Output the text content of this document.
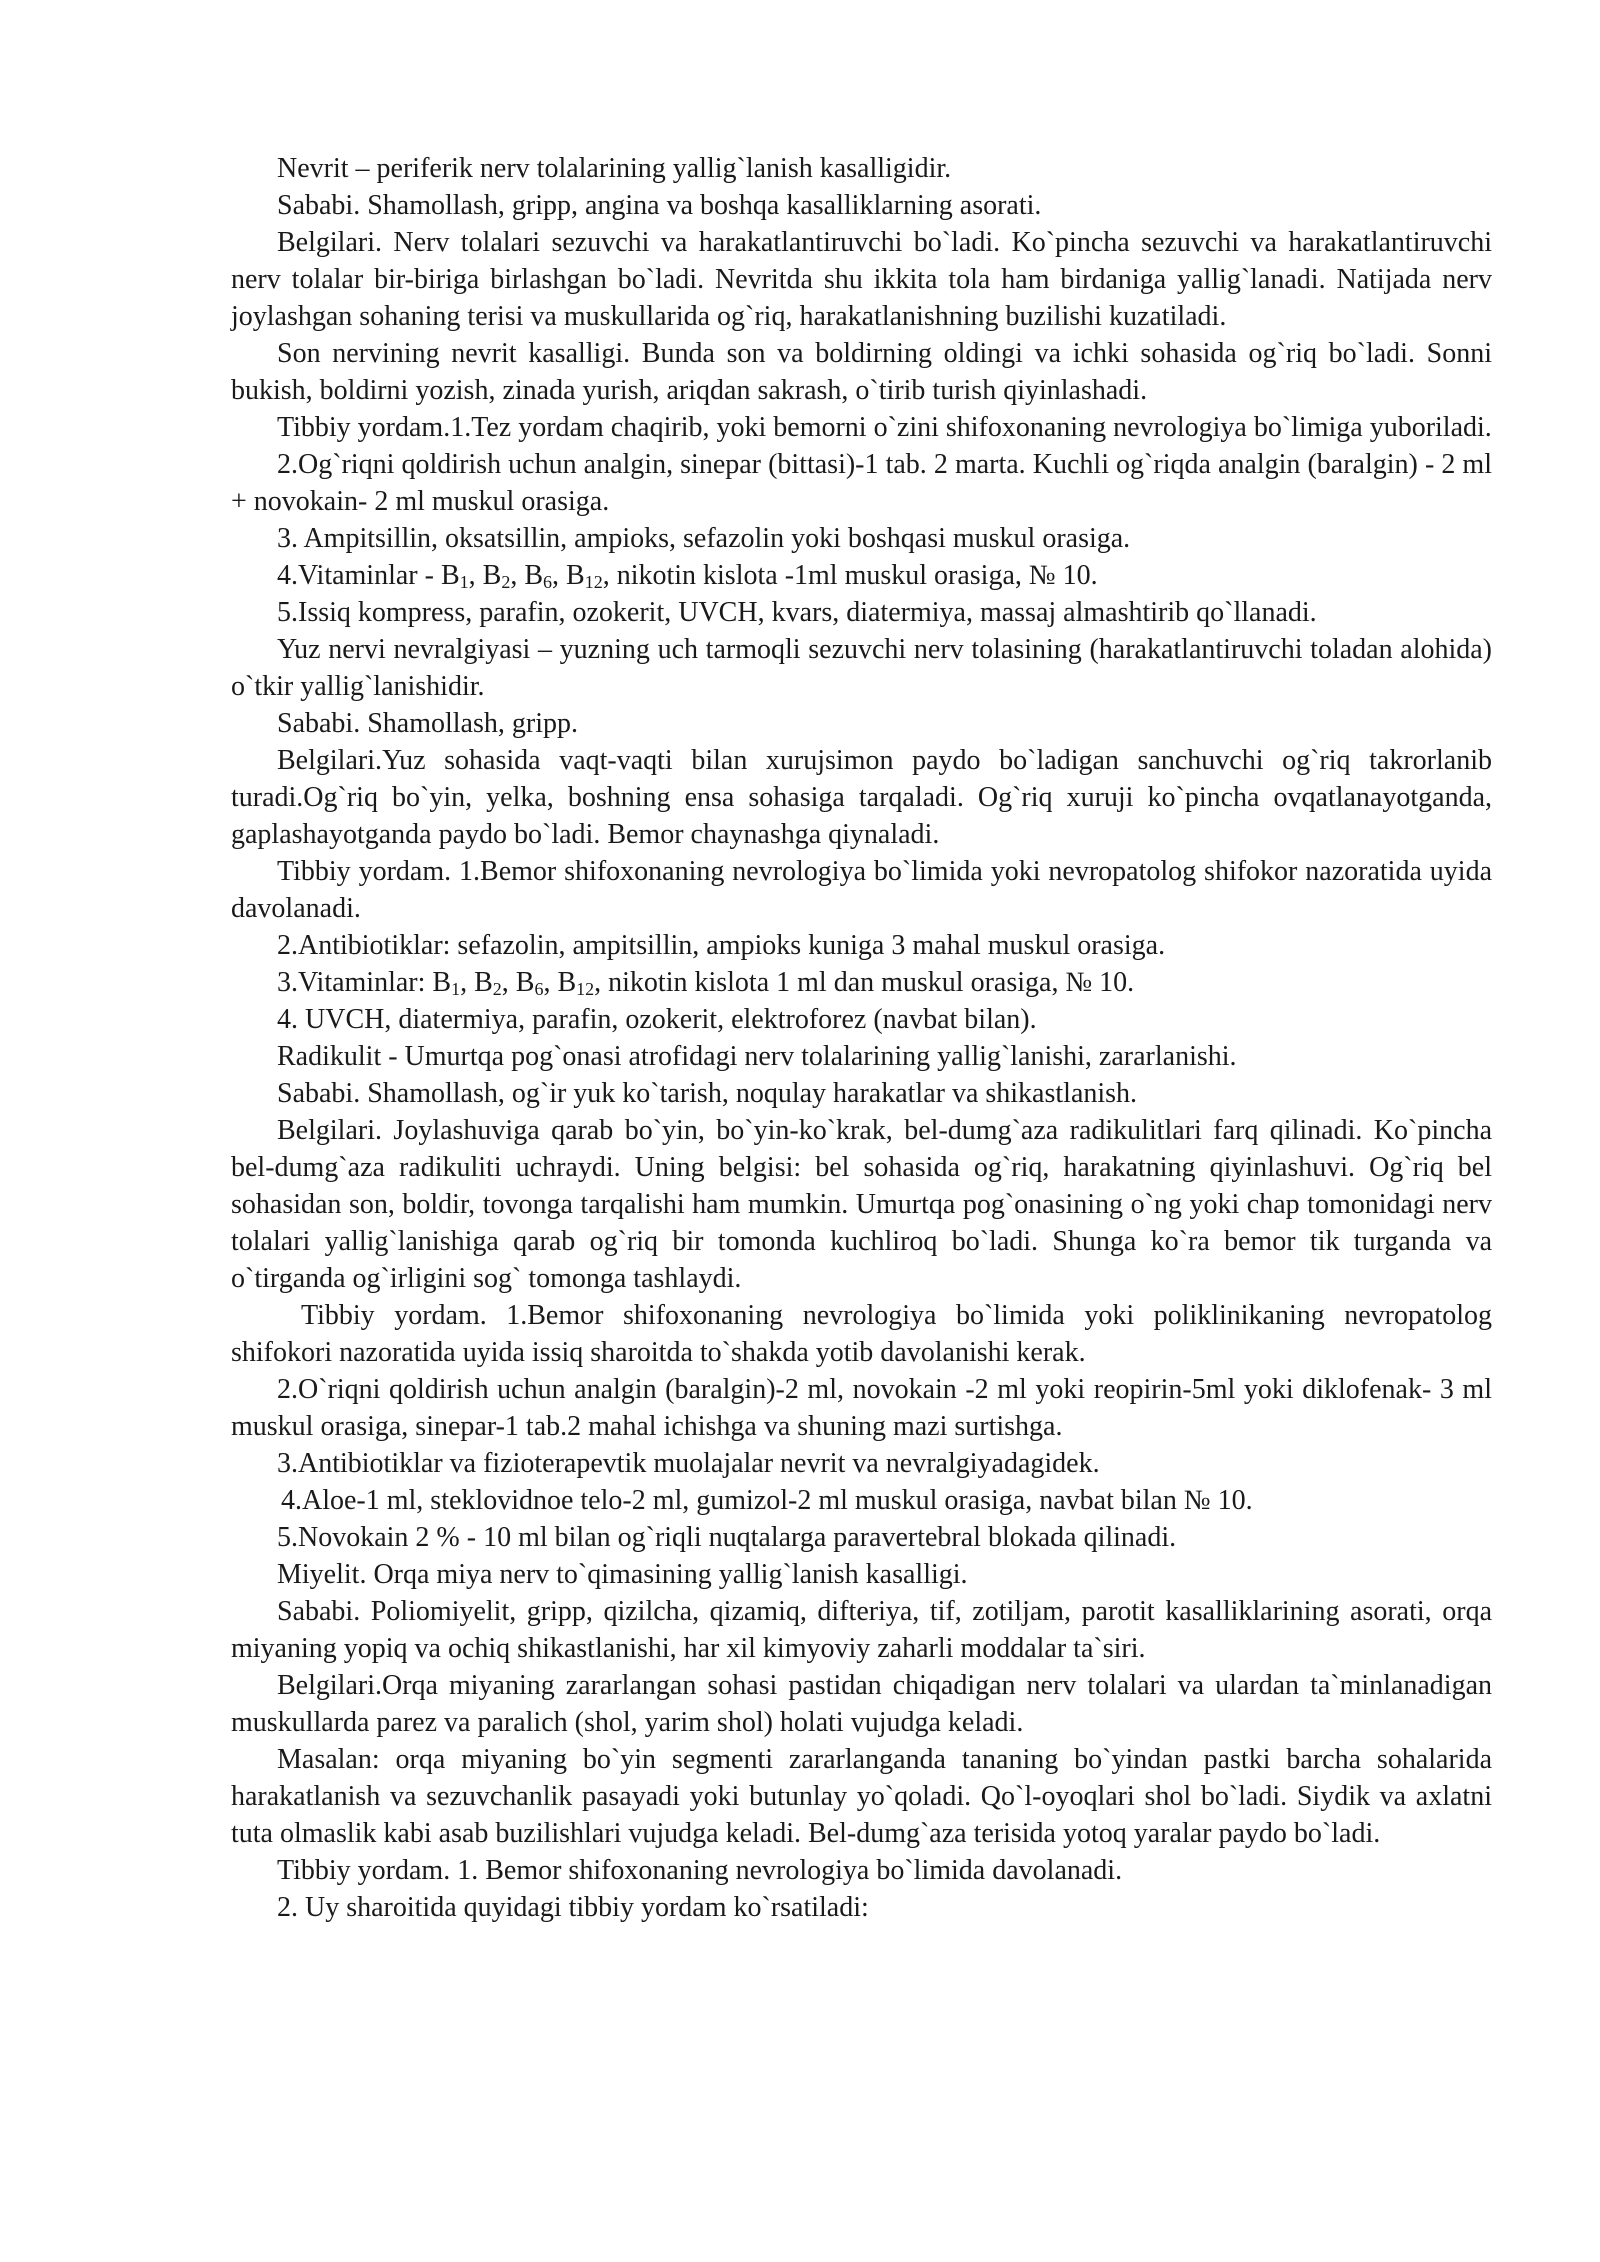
Nevrit – periferik nerv tolalarining yallig`lanish kasalligidir.

Sababi. Shamollash, gripp, angina va boshqa kasalliklarning asorati.

Belgilari. Nerv tolalari sezuvchi va harakatlantiruvchi bo`ladi. Ko`pincha sezuvchi va harakatlantiruvchi nerv tolalar bir-biriga birlashgan bo`ladi. Nevritda shu ikkita tola ham birdaniga yallig`lanadi. Natijada nerv joylashgan sohaning terisi va muskullarida og`riq, harakatlanishning buzilishi kuzatiladi.

Son nervining nevrit kasalligi. Bunda son va boldirning oldingi va ichki sohasida og`riq bo`ladi. Sonni bukish, boldirni yozish, zinada yurish, ariqdan sakrash, o`tirib turish qiyinlashadi.

Tibbiy yordam.1.Tez yordam chaqirib, yoki bemorni o`zini shifoxonaning nevrologiya bo`limiga yuboriladi.

2.Og`riqni qoldirish uchun analgin, sinepar (bittasi)-1 tab. 2 marta. Kuchli og`riqda analgin (baralgin) - 2 ml + novokain- 2 ml muskul orasiga.

3. Ampitsillin, oksatsillin, ampioks, sefazolin yoki boshqasi muskul orasiga.

4.Vitaminlar - $B_1$, $B_2$, $B_6$, $B_{12}$, nikotin kislota -1ml muskul orasiga, № 10.

5.Issiq kompress, parafin, ozokerit, UVCH, kvars, diatermiya, massaj almashtirib qo`llanadi.

Yuz nervi nevralgiyasi – yuzning uch tarmoqli sezuvchi nerv tolasining (harakatlantiruvchi toladan alohida) o`tkir yallig`lanishidir.

Sababi. Shamollash, gripp.

Belgilari.Yuz sohasida vaqt-vaqti bilan xurujsimon paydo bo`ladigan sanchuvchi og`riq takrorlanib turadi.Og`riq bo`yin, yelka, boshning ensa sohasiga tarqaladi. Og`riq xuruji ko`pincha ovqatlanayotganda, gaplashayotganda paydo bo`ladi. Bemor chaynashga qiynaladi.

Tibbiy yordam. 1.Bemor shifoxonaning nevrologiya bo`limida yoki nevropatolog shifokor nazoratida uyida davolanadi.

2.Antibiotiklar: sefazolin, ampitsillin, ampioks kuniga 3 mahal muskul orasiga.

3.Vitaminlar: $B_1$, $B_2$, $B_6$, $B_{12}$, nikotin kislota 1 ml dan muskul orasiga, № 10.

4. UVCH, diatermiya, parafin, ozokerit, elektroforez (navbat bilan).

Radikulit - Umurtqa pog`onasi atrofidagi nerv tolalarining yallig`lanishi, zararlanishi.

Sababi. Shamollash, og`ir yuk ko`tarish, noqulay harakatlar va shikastlanish.

Belgilari. Joylashuviga qarab bo`yin, bo`yin-ko`krak, bel-dumg`aza radikulitlari farq qilinadi. Ko`pincha bel-dumg`aza radikuliti uchraydi. Uning belgisi: bel sohasida og`riq, harakatning qiyinlashuvi. Og`riq bel sohasidan son, boldir, tovonga tarqalishi ham mumkin. Umurtqa pog`onasining o`ng yoki chap tomonidagi nerv tolalari yallig`lanishiga qarab og`riq bir tomonda kuchliroq bo`ladi. Shunga ko`ra bemor tik turganda va o`tirganda og`irligini sog` tomonga tashlaydi.

Tibbiy yordam. 1.Bemor shifoxonaning nevrologiya bo`limida yoki poliklinikaning nevropatolog shifokori nazoratida uyida issiq sharoitda to`shakda yotib davolanishi kerak.

2.O`riqni qoldirish uchun analgin (baralgin)-2 ml, novokain -2 ml yoki reopirin-5ml yoki diklofenak- 3 ml muskul orasiga, sinepar-1 tab.2 mahal ichishga va shuning mazi surtishga.

3.Antibiotiklar va fizioterapevtik muolajalar nevrit va nevralgiyadagidek.

4.Aloe-1 ml, steklovidnoe telo-2 ml, gumizol-2 ml muskul orasiga, navbat bilan № 10.

5.Novokain 2 % - 10 ml bilan og`riqli nuqtalarga paravertebral blokada qilinadi.

Miyelit. Orqa miya nerv to`qimasining yallig`lanish kasalligi.

Sababi. Poliomiyelit, gripp, qizilcha, qizamiq, difteriya, tif, zotiljam, parotit kasalliklarining asorati, orqa miyaning yopiq va ochiq shikastlanishi, har xil kimyoviy zaharli moddalar ta`siri.

Belgilari.Orqa miyaning zararlangan sohasi pastidan chiqadigan nerv tolalari va ulardan ta`minlanadigan muskullarda parez va paralich (shol, yarim shol) holati vujudga keladi.

Masalan: orqa miyaning bo`yin segmenti zararlanganda tananing bo`yindan pastki barcha sohalarida harakatlanish va sezuvchanlik pasayadi yoki butunlay yo`qoladi. Qo`l-oyoqlari shol bo`ladi. Siydik va axlatni tuta olmaslik kabi asab buzilishlari vujudga keladi. Bel-dumg`aza terisida yotoq yaralar paydo bo`ladi.

Tibbiy yordam. 1. Bemor shifoxonaning nevrologiya bo`limida davolanadi.

2. Uy sharoitida quyidagi tibbiy yordam ko`rsatiladi:
